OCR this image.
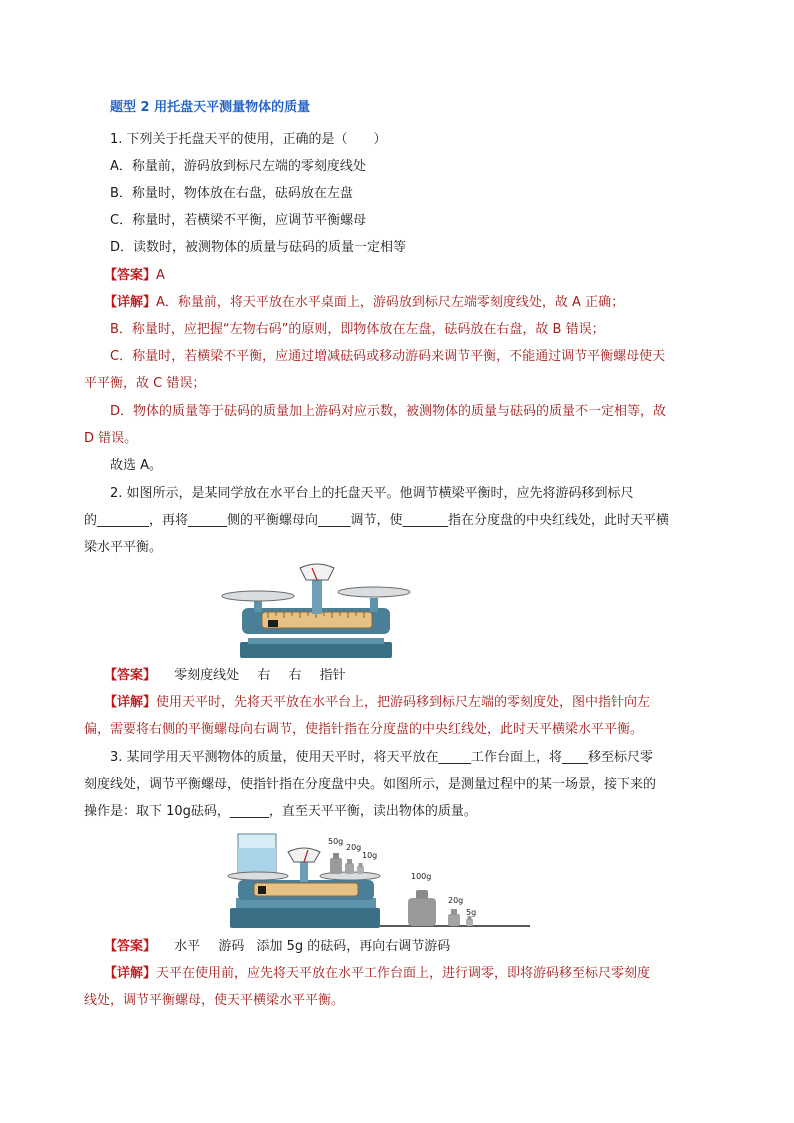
题型 2 用托盘天平测量物体的质量
1. 下列关于托盘天平的使用，正确的是（　　）
A．称量前，游码放到标尺左端的零刻度线处
B．称量时，物体放在右盘，砝码放在左盘
C．称量时，若横梁不平衡，应调节平衡螺母
D．读数时，被测物体的质量与砝码的质量一定相等
【答案】A
【详解】A．称量前，将天平放在水平桌面上，游码放到标尺左端零刻度线处，故 A 正确；
B．称量时，应把握“左物右码”的原则，即物体放在左盘，砝码放在右盘，故 B 错误；
C．称量时，若横梁不平衡，应通过增减砝码或移动游码来调节平衡，不能通过调节平衡螺母使天
平平衡，故 C 错误；
D．物体的质量等于砝码的质量加上游码对应示数，被测物体的质量与砝码的质量不一定相等，故
D 错误。
故选 A。
2. 如图所示，是某同学放在水平台上的托盘天平。他调节横梁平衡时，应先将游码移到标尺
的________，再将______侧的平衡螺母向_____调节，使_______指在分度盘的中央红线处，此时天平横
梁水平平衡。
【答案】 零刻度线处 右 右 指针
【详解】使用天平时，先将天平放在水平台上，把游码移到标尺左端的零刻度处，图中指针向左
偏，需要将右侧的平衡螺母向右调节，使指针指在分度盘的中央红线处，此时天平横梁水平平衡。
3. 某同学用天平测物体的质量，使用天平时，将天平放在_____工作台面上，将____移至标尺零
刻度线处，调节平衡螺母，使指针指在分度盘中央。如图所示，是测量过程中的某一场景，接下来的
操作是：取下 10g砝码，______，直至天平平衡，读出物体的质量。
50g
20g
10g
100g
20g
5g
【答案】 水平 游码 添加 5g 的砝码，再向右调节游码
【详解】天平在使用前，应先将天平放在水平工作台面上，进行调零，即将游码移至标尺零刻度
线处，调节平衡螺母，使天平横梁水平平衡。
